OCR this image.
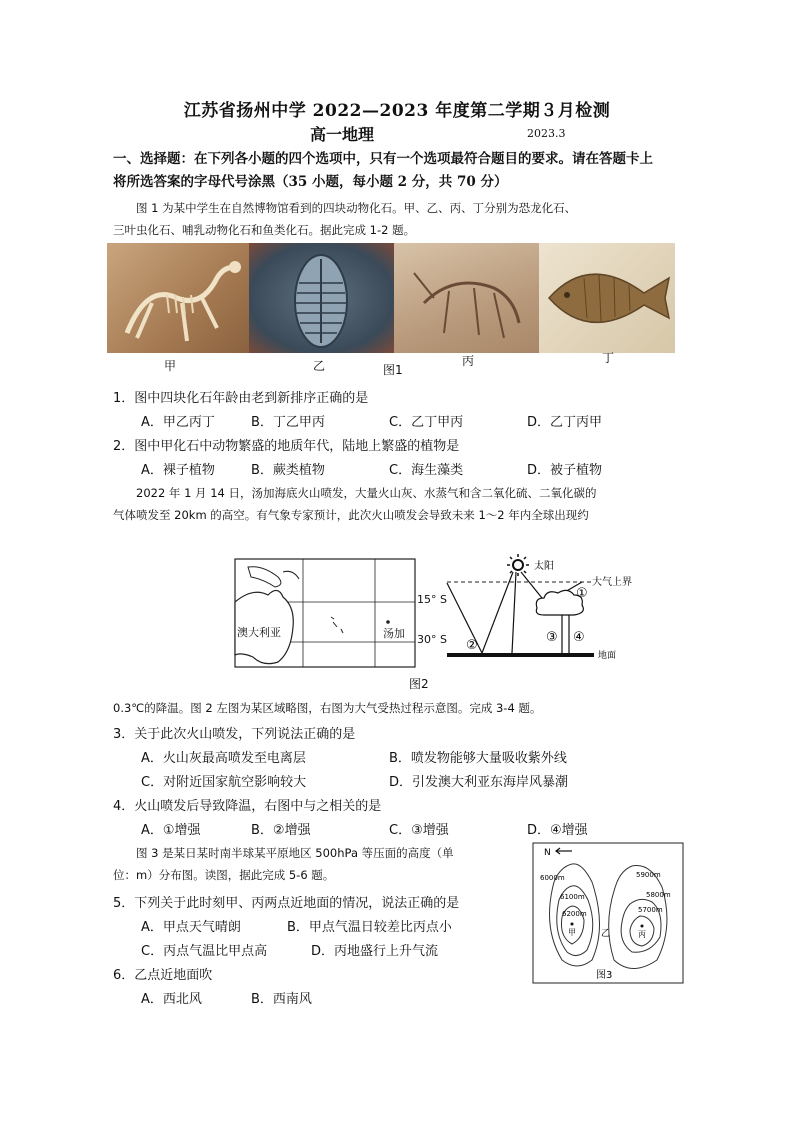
江苏省扬州中学 2022—2023 年度第二学期３月检测
高一地理	2023.3
一、选择题：在下列各小题的四个选项中，只有一个选项最符合题目的要求。请在答题卡上
将所选答案的字母代号涂黑（35 小题，每小题 2 分，共 70 分）
图 1 为某中学生在自然博物馆看到的四块动物化石。甲、乙、丙、丁分别为恐龙化石、
三叶虫化石、哺乳动物化石和鱼类化石。据此完成 1-2 题。
甲	乙	图1
丙	丁
1．图中四块化石年龄由老到新排序正确的是
A．甲乙丙丁	B．丁乙甲丙	C．乙丁甲丙	D．乙丁丙甲
2．图中甲化石中动物繁盛的地质年代，陆地上繁盛的植物是
A．裸子植物	B．蕨类植物	C．海生藻类	D．被子植物
2022 年 1 月 14 日，汤加海底火山喷发，大量火山灰、水蒸气和含二氧化硫、二氧化碳的
气体喷发至 20km 的高空。有气象专家预计，此次火山喷发会导致未来 1～2 年内全球出现约
澳大利亚	汤加
15° S
30° S
太阳
大气上界
地面
①
②
③ ④
图2
0.3℃的降温。图 2 左图为某区域略图，右图为大气受热过程示意图。完成 3-4 题。
3．关于此次火山喷发，下列说法正确的是
A．火山灰最高喷发至电离层	B．喷发物能够大量吸收紫外线
C．对附近国家航空影响较大	D．引发澳大利亚东海岸风暴潮
4．火山喷发后导致降温，右图中与之相关的是
A．①增强	B．②增强	C．③增强	D．④增强
图 3 是某日某时南半球某平原地区 500hPa 等压面的高度（单
位：m）分布图。读图，据此完成 5-6 题。
N
6000m
6100m
6200m
5900m
5800m
5700m
甲	乙	丙
图3
5．下列关于此时刻甲、丙两点近地面的情况，说法正确的是
A．甲点天气晴朗	B．甲点气温日较差比丙点小
C．丙点气温比甲点高	D．丙地盛行上升气流
6．乙点近地面吹
A．西北风	B．西南风
